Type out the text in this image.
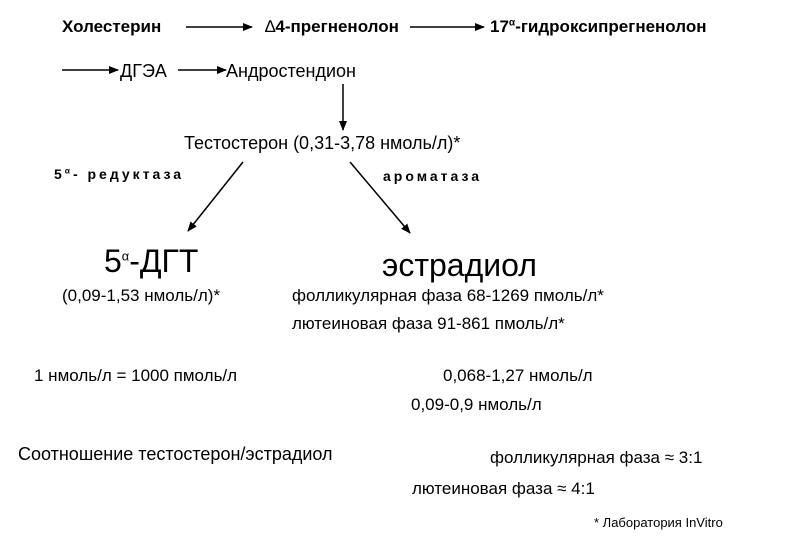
Холестерин	∆4-прегненолон	$17^\alpha$-гидроксипрегненолон
ДГЭА	Андростендион
Тестостерон (0,31-3,78 нмоль/л)*
$5^\alpha-$ редуктаза	ароматаза
$5^\alpha$-ДГТ
(0,09-1,53 нмоль/л)*
эстрадиол
фолликулярная фаза 68-1269 пмоль/л*
лютеиновая фаза 91-861 пмоль/л*
1 нмоль/л = 1000 пмоль/л	0,068-1,27 нмоль/л
0,09-0,9 нмоль/л
Соотношение тестостерон/эстрадиол	фолликулярная фаза ≈ 3:1
лютеиновая фаза ≈ 4:1
* Лаборатория InVitro
